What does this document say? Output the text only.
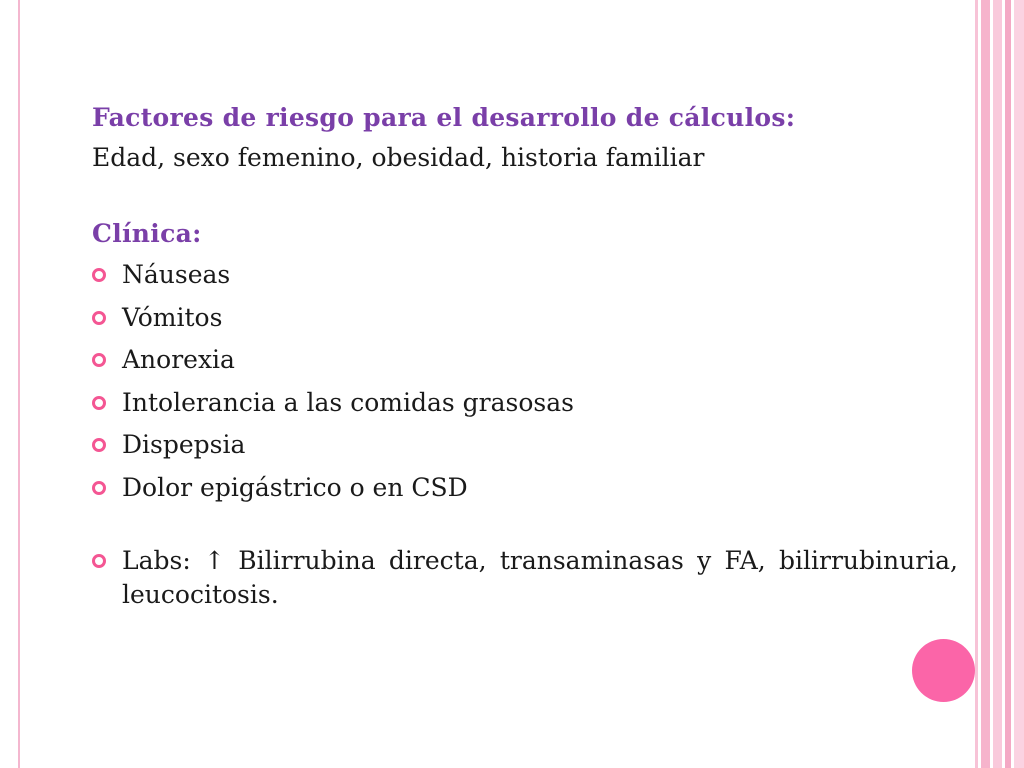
Factores de riesgo para el desarrollo de cálculos:
Edad, sexo femenino, obesidad, historia familiar
Clínica:
Náuseas
Vómitos
Anorexia
Intolerancia a las comidas grasosas
Dispepsia
Dolor epigástrico o en CSD
Labs: ↑ Bilirrubina directa, transaminasas y FA, bilirrubinuria, leucocitosis.
